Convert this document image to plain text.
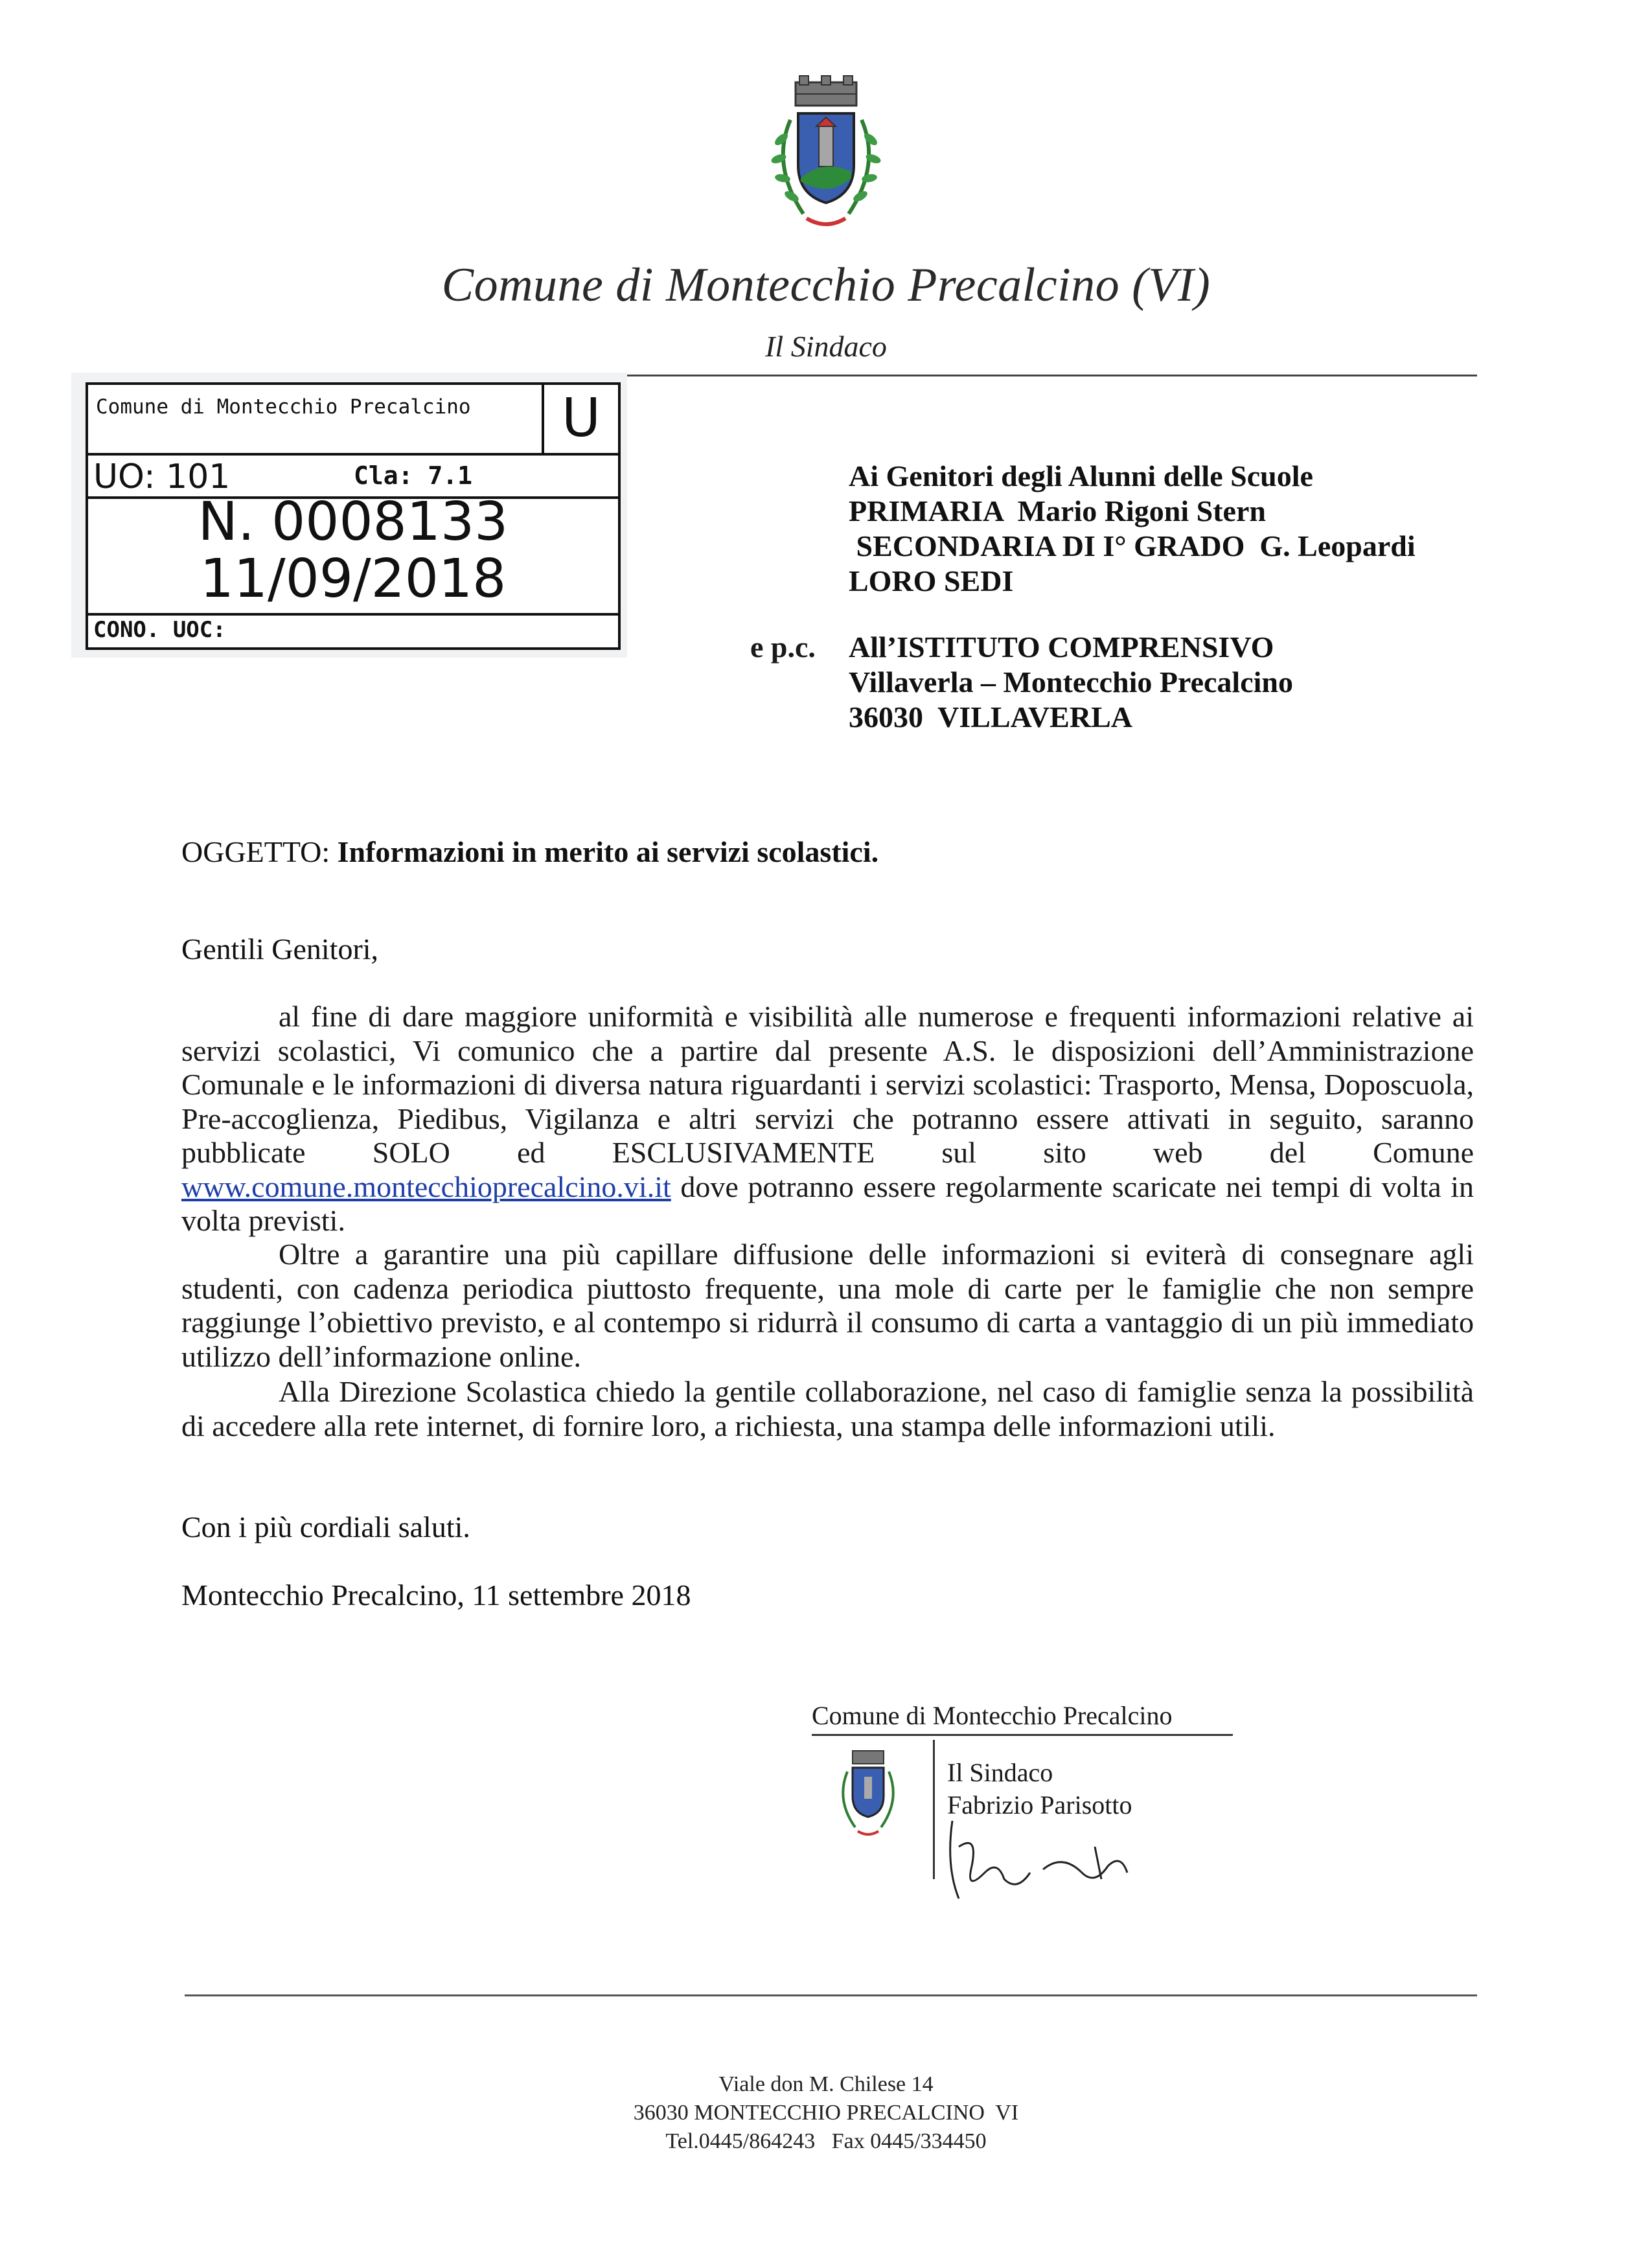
Comune di Montecchio Precalcino (VI)
Il Sindaco
Comune di Montecchio Precalcino	U
UO: 101	Cla: 7.1
N. 0008133
11/09/2018
CONO. UOC:
Ai Genitori degli Alunni delle Scuole
PRIMARIA  Mario Rigoni Stern
SECONDARIA DI I° GRADO  G. Leopardi
LORO SEDI
e p.c. All’ISTITUTO COMPRENSIVO
Villaverla – Montecchio Precalcino
36030  VILLAVERLA
OGGETTO: Informazioni in merito ai servizi scolastici.
Gentili Genitori,
al fine di dare maggiore uniformità e visibilità alle numerose e frequenti informazioni relative ai servizi scolastici, Vi comunico che a partire dal presente A.S. le disposizioni dell’Amministrazione Comunale e le informazioni di diversa natura riguardanti i servizi scolastici: Trasporto, Mensa, Doposcuola, Pre-accoglienza, Piedibus, Vigilanza e altri servizi che potranno essere attivati in seguito, saranno pubblicate SOLO ed ESCLUSIVAMENTE sul sito web del Comune www.comune.montecchioprecalcino.vi.it dove potranno essere regolarmente scaricate nei tempi di volta in volta previsti.
Oltre a garantire una più capillare diffusione delle informazioni si eviterà di consegnare agli studenti, con cadenza periodica piuttosto frequente, una mole di carte per le famiglie che non sempre raggiunge l’obiettivo previsto, e al contempo si ridurrà il consumo di carta a vantaggio di un più immediato utilizzo dell’informazione online.
Alla Direzione Scolastica chiedo la gentile collaborazione, nel caso di famiglie senza la possibilità di accedere alla rete internet, di fornire loro, a richiesta, una stampa delle informazioni utili.
Con i più cordiali saluti.
Montecchio Precalcino, 11 settembre 2018
Comune di Montecchio Precalcino
Il Sindaco
Fabrizio Parisotto
Viale don M. Chilese 14
36030 MONTECCHIO PRECALCINO  VI
Tel.0445/864243   Fax 0445/334450
